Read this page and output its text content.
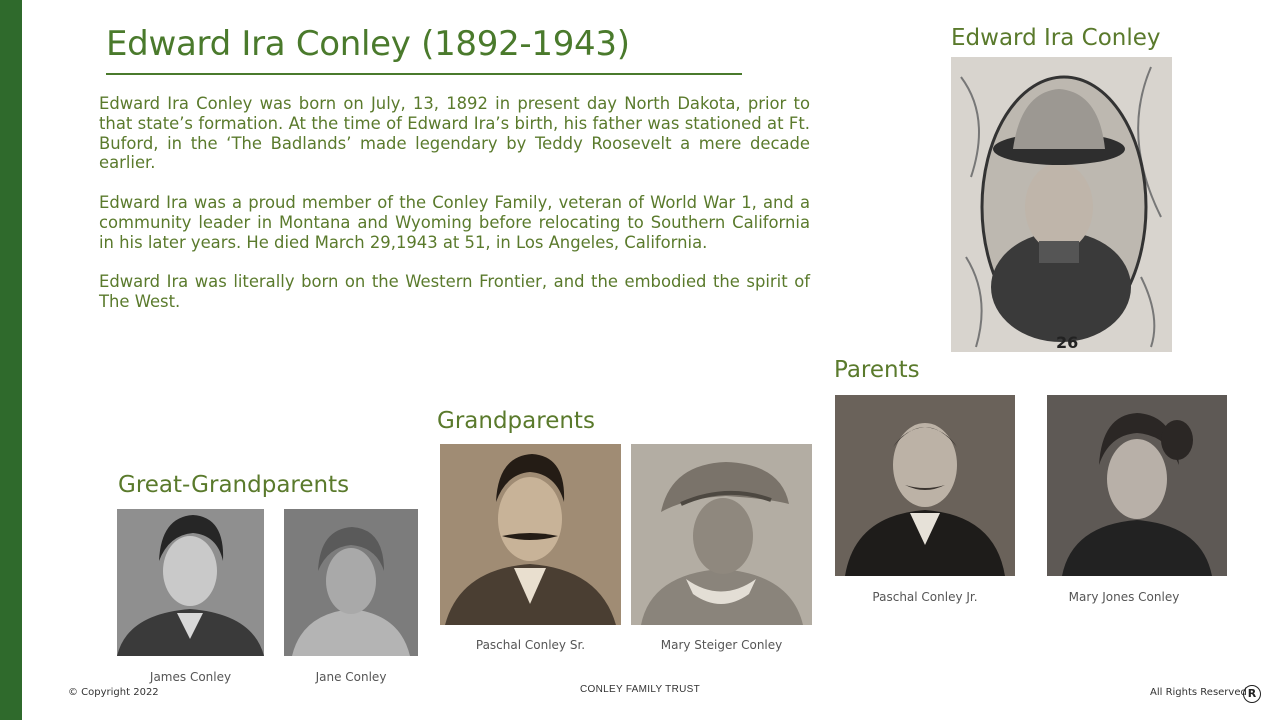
Edward Ira Conley (1892-1943)

Edward Ira Conley was born on July, 13, 1892 in present day North Dakota, prior to that state’s formation. At the time of Edward Ira’s birth, his father was stationed at Ft. Buford, in the ‘The Badlands’ made legendary by Teddy Roosevelt a mere decade earlier.

Edward Ira was a proud member of the Conley Family, veteran of World War 1, and a community leader in Montana and Wyoming before relocating to Southern California in his later years. He died March 29,1943 at 51, in Los Angeles, California.

Edward Ira was literally born on the Western Frontier, and the embodied the spirit of The West.

Edward Ira Conley
26
Parents
Paschal Conley Jr.	Mary Jones Conley
Grandparents
Paschal Conley Sr.	Mary Steiger Conley
Great-Grandparents
James Conley	Jane Conley
© Copyright 2022	CONLEY FAMILY TRUST	All Rights Reserved R
